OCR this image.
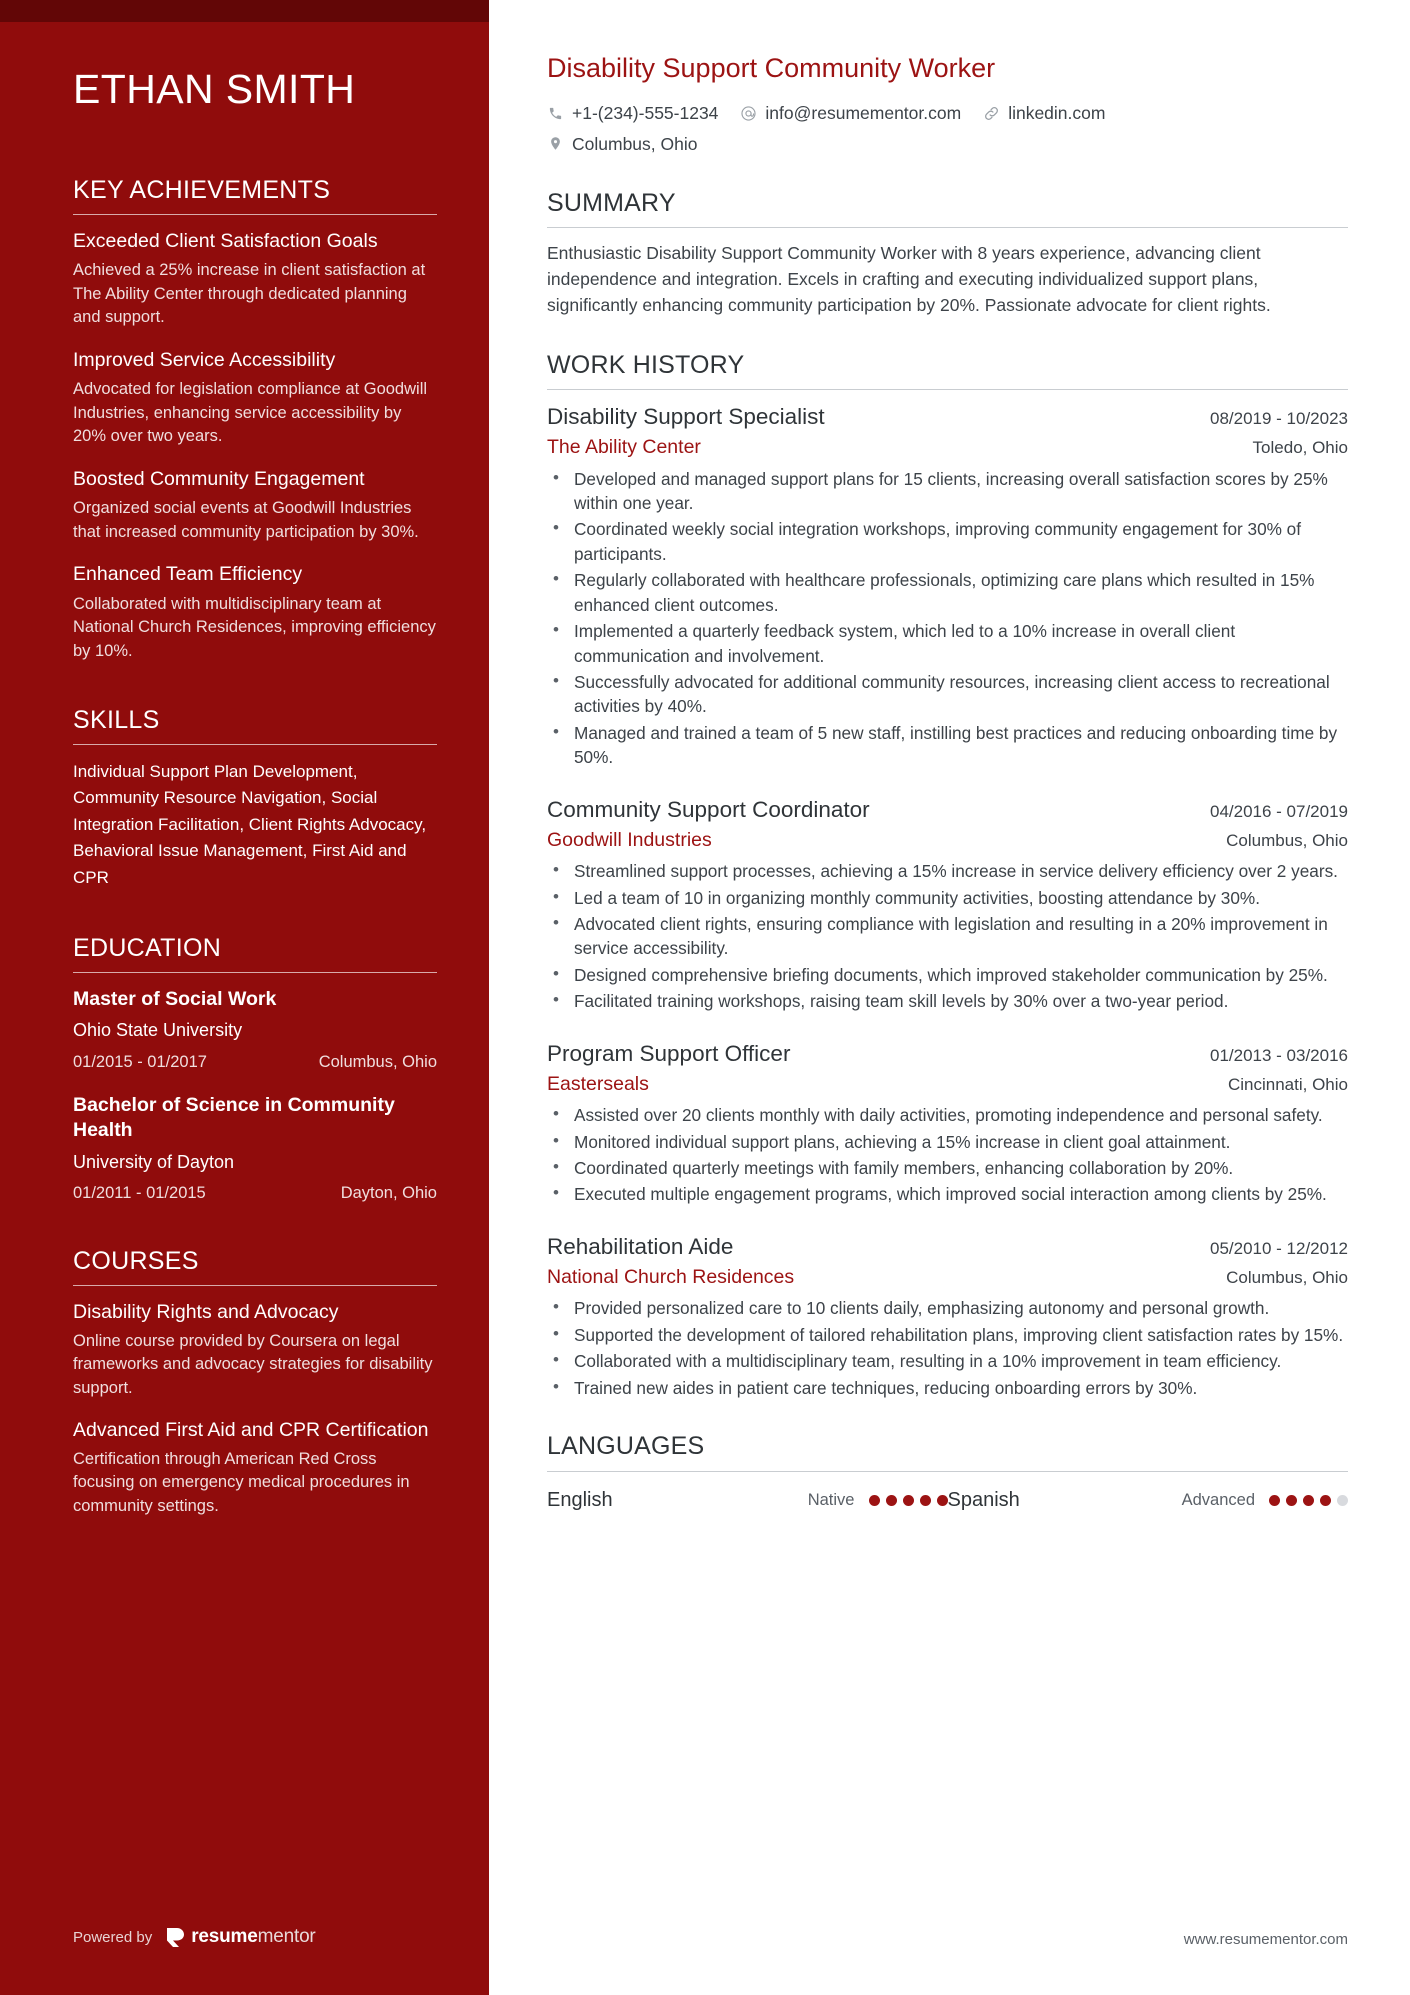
ETHAN SMITH
KEY ACHIEVEMENTS
Exceeded Client Satisfaction Goals
Achieved a 25% increase in client satisfaction at The Ability Center through dedicated planning and support.
Improved Service Accessibility
Advocated for legislation compliance at Goodwill Industries, enhancing service accessibility by 20% over two years.
Boosted Community Engagement
Organized social events at Goodwill Industries that increased community participation by 30%.
Enhanced Team Efficiency
Collaborated with multidisciplinary team at National Church Residences, improving efficiency by 10%.
SKILLS
Individual Support Plan Development, Community Resource Navigation, Social Integration Facilitation, Client Rights Advocacy, Behavioral Issue Management, First Aid and CPR
EDUCATION
Master of Social Work
Ohio State University
01/2015 - 01/2017	Columbus, Ohio
Bachelor of Science in Community Health
University of Dayton
01/2011 - 01/2015	Dayton, Ohio
COURSES
Disability Rights and Advocacy
Online course provided by Coursera on legal frameworks and advocacy strategies for disability support.
Advanced First Aid and CPR Certification
Certification through American Red Cross focusing on emergency medical procedures in community settings.
Powered by resumementor
Disability Support Community Worker
+1-(234)-555-1234	info@resumementor.com	linkedin.com
Columbus, Ohio
SUMMARY

Enthusiastic Disability Support Community Worker with 8 years experience, advancing client independence and integration. Excels in crafting and executing individualized support plans, significantly enhancing community participation by 20%. Passionate advocate for client rights.

WORK HISTORY
Disability Support Specialist	08/2019 - 10/2023
The Ability Center	Toledo, Ohio
• Developed and managed support plans for 15 clients, increasing overall satisfaction scores by 25% within one year.
• Coordinated weekly social integration workshops, improving community engagement for 30% of participants.
• Regularly collaborated with healthcare professionals, optimizing care plans which resulted in 15% enhanced client outcomes.
• Implemented a quarterly feedback system, which led to a 10% increase in overall client communication and involvement.
• Successfully advocated for additional community resources, increasing client access to recreational activities by 40%.
• Managed and trained a team of 5 new staff, instilling best practices and reducing onboarding time by 50%.
Community Support Coordinator	04/2016 - 07/2019
Goodwill Industries	Columbus, Ohio
• Streamlined support processes, achieving a 15% increase in service delivery efficiency over 2 years.
• Led a team of 10 in organizing monthly community activities, boosting attendance by 30%.
• Advocated client rights, ensuring compliance with legislation and resulting in a 20% improvement in service accessibility.
• Designed comprehensive briefing documents, which improved stakeholder communication by 25%.
• Facilitated training workshops, raising team skill levels by 30% over a two-year period.
Program Support Officer	01/2013 - 03/2016
Easterseals	Cincinnati, Ohio
• Assisted over 20 clients monthly with daily activities, promoting independence and personal safety.
• Monitored individual support plans, achieving a 15% increase in client goal attainment.
• Coordinated quarterly meetings with family members, enhancing collaboration by 20%.
• Executed multiple engagement programs, which improved social interaction among clients by 25%.
Rehabilitation Aide	05/2010 - 12/2012
National Church Residences	Columbus, Ohio
• Provided personalized care to 10 clients daily, emphasizing autonomy and personal growth.
• Supported the development of tailored rehabilitation plans, improving client satisfaction rates by 15%.
• Collaborated with a multidisciplinary team, resulting in a 10% improvement in team efficiency.
• Trained new aides in patient care techniques, reducing onboarding errors by 30%.
LANGUAGES
English	Native	Spanish	Advanced
www.resumementor.com
